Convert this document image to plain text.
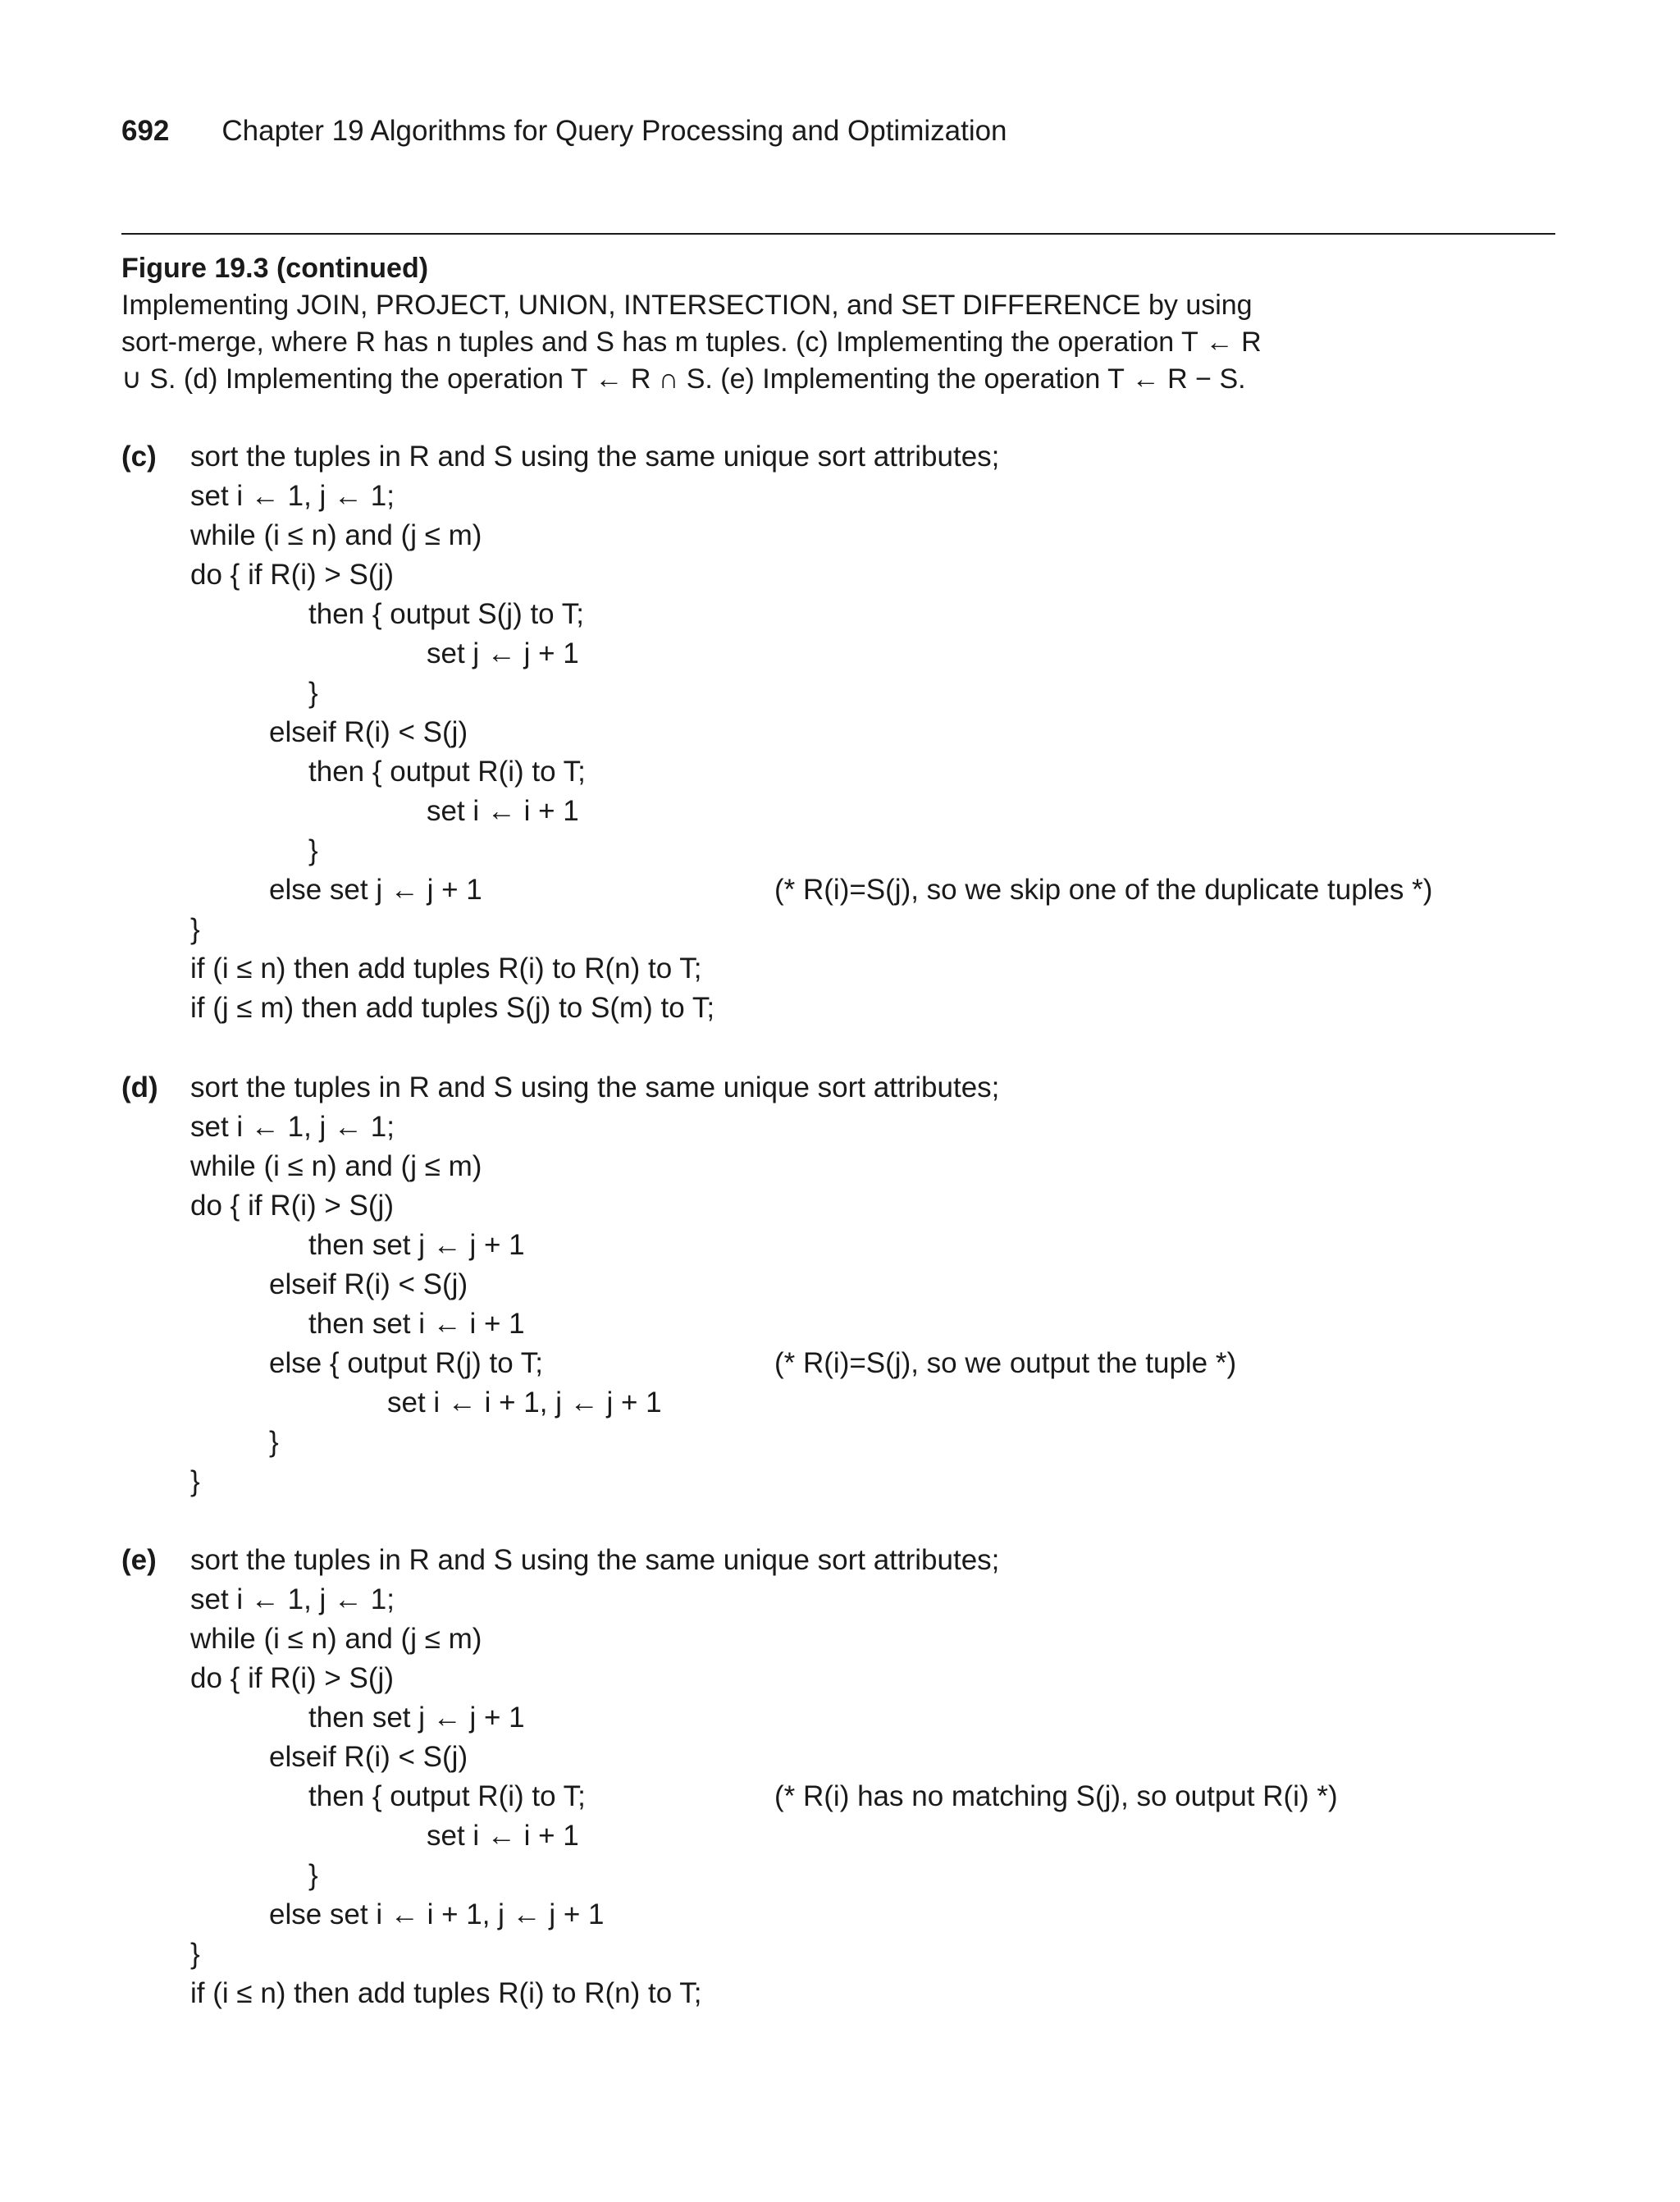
692 Chapter 19 Algorithms for Query Processing and Optimization
Figure 19.3 (continued)
Implementing JOIN, PROJECT, UNION, INTERSECTION, and SET DIFFERENCE by using
sort-merge, where R has n tuples and S has m tuples. (c) Implementing the operation T ← R
∪ S. (d) Implementing the operation T ← R ∩ S. (e) Implementing the operation T ← R − S.
(c) sort the tuples in R and S using the same unique sort attributes;
set i ← 1, j ← 1;
while (i ≤ n) and (j ≤ m)
do { if R(i) > S(j)
then { output S(j) to T;
set j ← j + 1
}
elseif R(i) < S(j)
then { output R(i) to T;
set i ← i + 1
}
else set j ← j + 1	(* R(i)=S(j), so we skip one of the duplicate tuples *)
}
if (i ≤ n) then add tuples R(i) to R(n) to T;
if (j ≤ m) then add tuples S(j) to S(m) to T;
(d) sort the tuples in R and S using the same unique sort attributes;
set i ← 1, j ← 1;
while (i ≤ n) and (j ≤ m)
do { if R(i) > S(j)
then set j ← j + 1
elseif R(i) < S(j)
then set i ← i + 1
else { output R(j) to T;	(* R(i)=S(j), so we output the tuple *)
set i ← i + 1, j ← j + 1
}
}
(e) sort the tuples in R and S using the same unique sort attributes;
set i ← 1, j ← 1;
while (i ≤ n) and (j ≤ m)
do { if R(i) > S(j)
then set j ← j + 1
elseif R(i) < S(j)
then { output R(i) to T;	(* R(i) has no matching S(j), so output R(i) *)
set i ← i + 1
}
else set i ← i + 1, j ← j + 1
}
if (i ≤ n) then add tuples R(i) to R(n) to T;
